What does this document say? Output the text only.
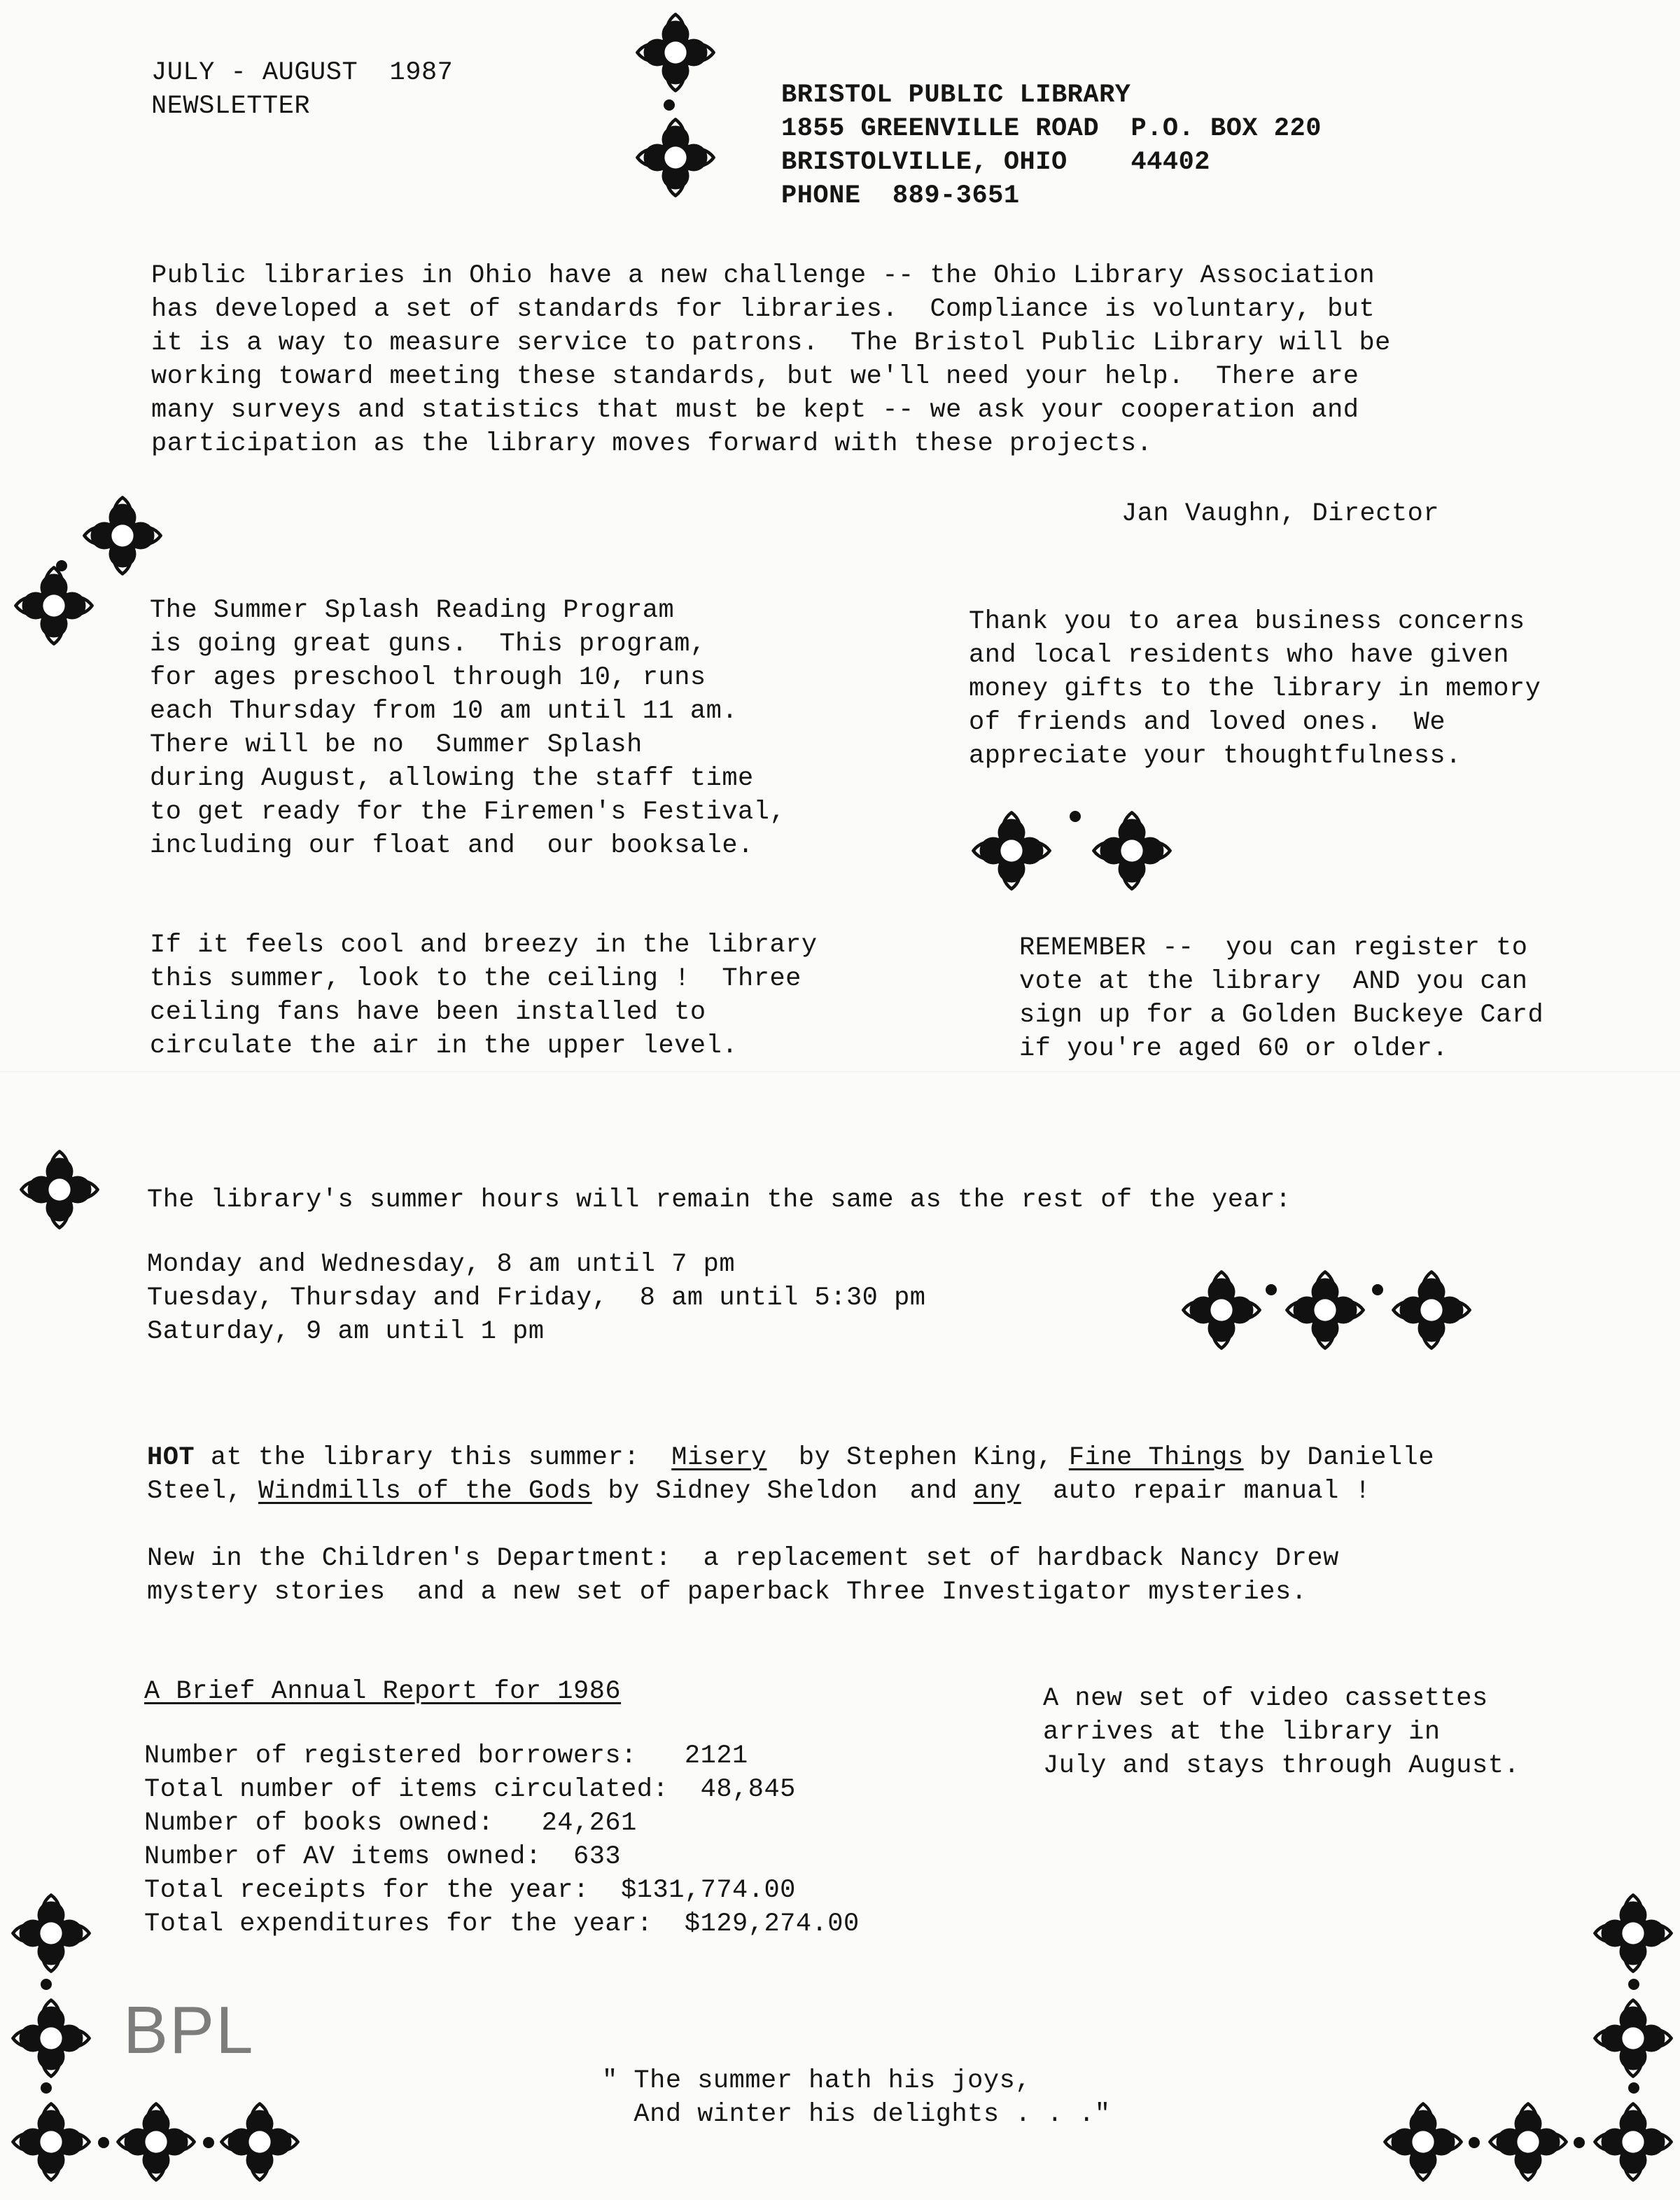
JULY - AUGUST  1987
NEWSLETTER	BRISTOL PUBLIC LIBRARY
1855 GREENVILLE ROAD  P.O. BOX 220
BRISTOLVILLE, OHIO    44402
PHONE  889-3651
Public libraries in Ohio have a new challenge -- the Ohio Library Association
has developed a set of standards for libraries.  Compliance is voluntary, but
it is a way to measure service to patrons.  The Bristol Public Library will be
working toward meeting these standards, but we'll need your help.  There are
many surveys and statistics that must be kept -- we ask your cooperation and
participation as the library moves forward with these projects.
Jan Vaughn, Director
The Summer Splash Reading Program
is going great guns.  This program,
for ages preschool through 10, runs
each Thursday from 10 am until 11 am.
There will be no  Summer Splash
during August, allowing the staff time
to get ready for the Firemen's Festival,
including our float and  our booksale.
Thank you to area business concerns
and local residents who have given
money gifts to the library in memory
of friends and loved ones.  We
appreciate your thoughtfulness.
If it feels cool and breezy in the library
this summer, look to the ceiling !  Three
ceiling fans have been installed to
circulate the air in the upper level.
REMEMBER --  you can register to
vote at the library  AND you can
sign up for a Golden Buckeye Card
if you're aged 60 or older.
The library's summer hours will remain the same as the rest of the year:
Monday and Wednesday, 8 am until 7 pm
Tuesday, Thursday and Friday,  8 am until 5:30 pm
Saturday, 9 am until 1 pm
HOT at the library this summer:  Misery  by Stephen King, Fine Things by Danielle
Steel, Windmills of the Gods by Sidney Sheldon  and any  auto repair manual !
New in the Children's Department:  a replacement set of hardback Nancy Drew
mystery stories  and a new set of paperback Three Investigator mysteries.
A Brief Annual Report for 1986
Number of registered borrowers:   2121
Total number of items circulated:  48,845
Number of books owned:   24,261
Number of AV items owned:  633
Total receipts for the year:  $131,774.00
Total expenditures for the year:  $129,274.00
A new set of video cassettes
arrives at the library in
July and stays through August.
BPL
" The summer hath his joys,
And winter his delights . . ."
